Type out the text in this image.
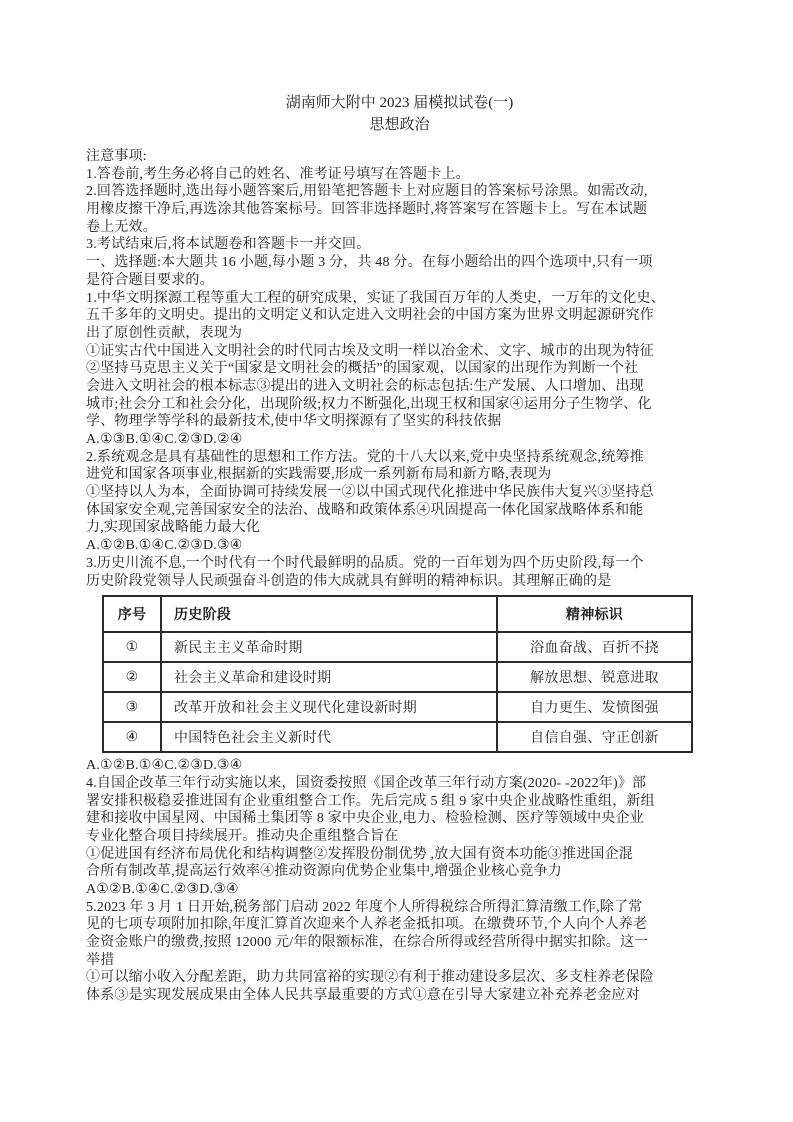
湖南师大附中 2023 届模拟试卷(一)
思想政治
注意事项:
1.答卷前,考生务必将自己的姓名、准考证号填写在答题卡上。
2.回答选择题时,选出每小题答案后,用铅笔把答题卡上对应题目的答案标号涂黑。如需改动,
用橡皮擦干净后,再选涂其他答案标号。回答非选择题时,将答案写在答题卡上。写在本试题
卷上无效。
3.考试结束后,将本试题卷和答题卡一并交回。
一、选择题:本大题共 16 小题,每小题 3 分，共 48 分。在每小题给出的四个选项中,只有一项
是符合题目要求的。
1.中华文明探源工程等重大工程的研究成果，实证了我国百万年的人类史，一万年的文化史、
五千多年的文明史。提出的文明定义和认定进入文明社会的中国方案为世界文明起源研究作
出了原创性贡献，表现为
①证实古代中国进入文明社会的时代同古埃及文明一样以冶金术、文字、城市的出现为特征
②坚持马克思主义关于“国家是文明社会的概括”的国家观，以国家的出现作为判断一个社
会进入文明社会的根本标志③提出的进入文明社会的标志包括:生产发展、人口增加、出现
城市;社会分工和社会分化，出现阶级;权力不断强化,出现王权和国家④运用分子生物学、化
学、物理学等学科的最新技术,使中华文明探源有了坚实的科技依据
A.①③B.①④C.②③D.②④
2.系统观念是具有基础性的思想和工作方法。党的十八大以来,党中央坚持系统观念,统筹推
进党和国家各项事业,根据新的实践需要,形成一系列新布局和新方略,表现为
①坚持以人为本，全面协调可持续发展一②以中国式现代化推进中华民族伟大复兴③坚持总
体国家安全观,完善国家安全的法治、战略和政策体系④巩固提高一体化国家战略体系和能
力,实现国家战略能力最大化
A.①②B.①④C.②③D.③④
3.历史川流不息,一个时代有一个时代最鲜明的品质。党的一百年划为四个历史阶段,每一个
历史阶段党领导人民顽强奋斗创造的伟大成就具有鲜明的精神标识。其理解正确的是
序号	历史阶段	精神标识
①	新民主主义革命时期	浴血奋战、百折不挠
②	社会主义革命和建设时期	解放思想、锐意进取
③	改革开放和社会主义现代化建设新时期	自力更生、发愤图强
④	中国特色社会主义新时代	自信自强、守正创新
A.①②B.①④C.②③D.③④
4.自国企改革三年行动实施以来，国资委按照《国企改革三年行动方案(2020- -2022年)》部
署安排积极稳妥推进国有企业重组整合工作。先后完成 5 组 9 家中央企业战略性重组，新组
建和接收中国星网、中国稀土集团等 8 家中央企业,电力、检验检测、医疗等领域中央企业
专业化整合项目持续展开。推动央企重组整合旨在
①促进国有经济布局优化和结构调整②发挥股份制优势 ,放大国有资本功能③推进国企混
合所有制改革,提高运行效率④推动资源向优势企业集中,增强企业核心竞争力
A①②B.①④C.②③D.③④
5.2023 年 3 月 1 日开始,税务部门启动 2022 年度个人所得税综合所得汇算清缴工作,除了常
见的七项专项附加扣除,年度汇算首次迎来个人养老金抵扣项。在缴费环节,个人向个人养老
金资金账户的缴费,按照 12000 元/年的限额标准，在综合所得或经营所得中据实扣除。这一
举措
①可以缩小收入分配差距，助力共同富裕的实现②有利于推动建设多层次、多支柱养老保险
体系③是实现发展成果由全体人民共享最重要的方式①意在引导大家建立补充养老金应对
